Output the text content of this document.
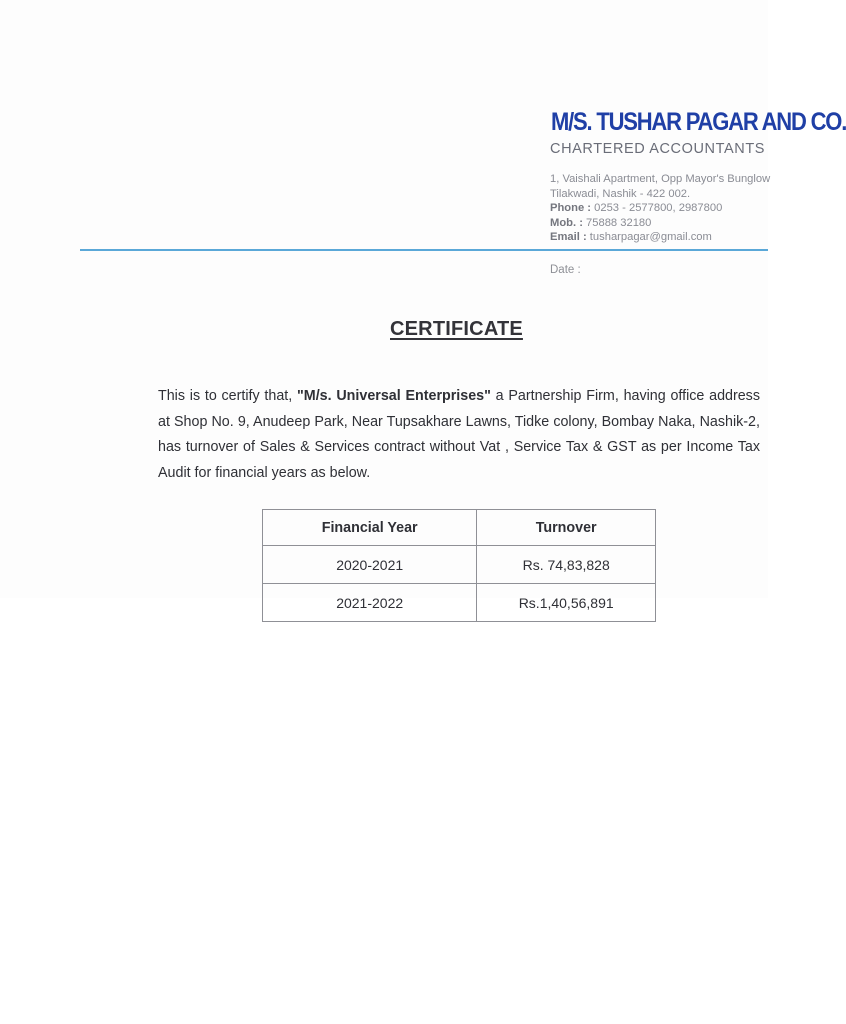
M/S. TUSHAR PAGAR AND CO.

CHARTERED ACCOUNTANTS

1, Vaishali Apartment, Opp Mayor's Bunglow
Tilakwadi, Nashik - 422 002.
Phone : 0253 - 2577800, 2987800
Mob. : 75888 32180
Email : tusharpagar@gmail.com

Date :

CERTIFICATE

This is to certify that, "M/s. Universal Enterprises" a Partnership Firm, having office address at Shop No. 9, Anudeep Park, Near Tupsakhare Lawns, Tidke colony, Bombay Naka, Nashik-2, has turnover of Sales & Services contract without Vat , Service Tax & GST as per Income Tax Audit for financial years as below.

Financial Year	Turnover
2020-2021	Rs. 74,83,828
2021-2022	Rs.1,40,56,891
